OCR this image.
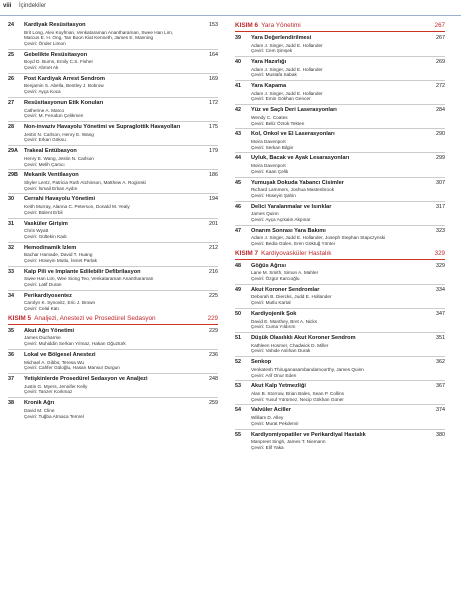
viii İçindekiler
24	Kardiyak Resüsitasyon	153
Brit Long, Alex Koyfman, Venkataraman Anantharaman, Swee Han Lim,
Marcus E. H. Ong, Tan Boon Kiat Kenneth, James E. Manning
Çeviri: Önder Limon
25	Gebelikte Resüsitasyon	164
Boyd D. Burns, Emily C.S. Fisher
Çeviri: Ahmet Ak
26	Post Kardiyak Arrest Sendrom	169
Benjamin S. Abella, Bentley J. Bobrow
Çeviri: Ayça Koca
27	Resüsitasyonun Etik Konuları	172
Catherine A. Marco
Çeviri: M. Ferudun Çelikmen
28	Non-invaziv Havayolu Yönetimi ve Supraglottik Havayolları	175
Jestin N. Carlson, Henry E. Wang
Çeviri: Erkan Göksu
29A	Trakeal Entübasyon	179
Henry E. Wang, Jestin N. Carlson
Çeviri: Melih Çamcı
29B	Mekanik Ventilasyon	186
Skyler Lentz, Patricia Ruth Atchinson, Matthew A. Roginski
Çeviri: İsmail Erkan Aydın
30	Cerrahi Havayolu Yönetimi	194
Keith Murray, Alanna C. Peterson, Donald M. Yealy
Çeviri: Bülent Erbil
31	Vasküler Girişim	201
Chris Wyatt
Çeviri: Gültekin Kadı
32	Hemodinamik İzlem	212
Bachar Hamade, David T. Huang
Çeviri: Hüseyin Mutlu, İsmet Parlak
33	Kalp Pili ve İmplante Edilebilir Defibrilasyon	216
Swee Han Lim, Wee Siong Teo, Venkataraman Anantharaman
Çeviri: Latif Duran
34	Perikardiyosentez	225
Carolyn K. Synovitz, Eric J. Brown
Çeviri: Celal Katı
KISIM 5 Analjezi, Anestezi ve Prosedürel Sedasyon	229
35	Akut Ağrı Yönetimi	229
James Ducharme
Çeviri: Muhiddin Serkan Yılmaz, Hakan Oğuztürk
36	Lokal ve Bölgesel Anestezi	236
Michael A. Gibbs, Teresa Wu
Çeviri: Cahfer Güloğlu, Hasan Mansur Durgun
37	Yetişkinlerde Prosedürel Sedasyon ve Analjezi	248
Justin G. Myers, Jennifer Kelly
Çeviri: Tanzer Korkmaz
38	Kronik Ağrı	259
David M. Cline
Çeviri: Tuğba Atmaca Temrel
KISIM 6 Yara Yönetimi	267
39	Yara Değerlendirilmesi	267
Adam J. Singer, Judd E. Hollander
Çeviri: Cem Şimşek
40	Yara Hazırlığı	269
Adam J. Singer, Judd E. Hollander
Çeviri: Mustafa Sabak
41	Yara Kapama	272
Adam J. Singer, Judd E. Hollander
Çeviri: Emin Gökhan Gencer
42	Yüz ve Saçlı Deri Laserasyonları	284
Wendy C. Coates
Çeviri: Beliz Öztok Tekten
43	Kol, Önkol ve El Laserasyonları	290
Moira Davenport
Çeviri: Serkan Bilgin
44	Uyluk, Bacak ve Ayak Lesarasyonları	299
Moira Davenport
Çeviri: Kaan Çelik
45	Yumuşak Dokuda Yabancı Cisimler	307
Richard Lammers, Joshua Mastenbrook
Çeviri: Hüseyin Şahin
46	Delici Yaralanmalar ve Isırıklar	317
James Quinn
Çeviri: Ayça Açıkalın Akpınar
47	Onarım Sonrası Yara Bakımı	323
Adam J. Singer, Judd E. Hollander, Joseph Stephan Stapczynski
Çeviri: Bedia Gülen, Eren Göktuğ Yöntei
KISIM 7 Kardiyovasküler Hastalık	329
48	Göğüs Ağrısı	329
Lane M. Smith, Simon A. Mahler
Çeviri: Özgür Karcıoğlu
49	Akut Koroner Sendromlar	334
Deborah B. Diercks, Judd E. Hollander
Çeviri: Mutlu Kartal
50	Kardiyojenik Şok	347
David E. Manthey, Bret A. Nicks
Çeviri: Cuma Yıldırım
51	Düşük Olasılıklı Akut Koroner Sendrom	351
Kathleen Hosmer, Chadwick D. Miller
Çeviri: Vahide Aslıhan Durak
52	Senkop	362
Venkatesh Thiruganasambandamoorthy, James Quinn
Çeviri: Arif Onur Eden
53	Akut Kalp Yetmezliği	367
Alan B. Storrow, Brian Bales, Sean P. Collins
Çeviri: Yusuf Yürümez, Necip Gökhan Güner
54	Valvüler Aciller	374
William D. Alley
Çeviri: Murat Pekdemir
55	Kardiyomiyopatiler ve Perikardiyal Hastalık	380
Manpreet Singh, James T. Niemann
Çeviri: Elif Yaka
